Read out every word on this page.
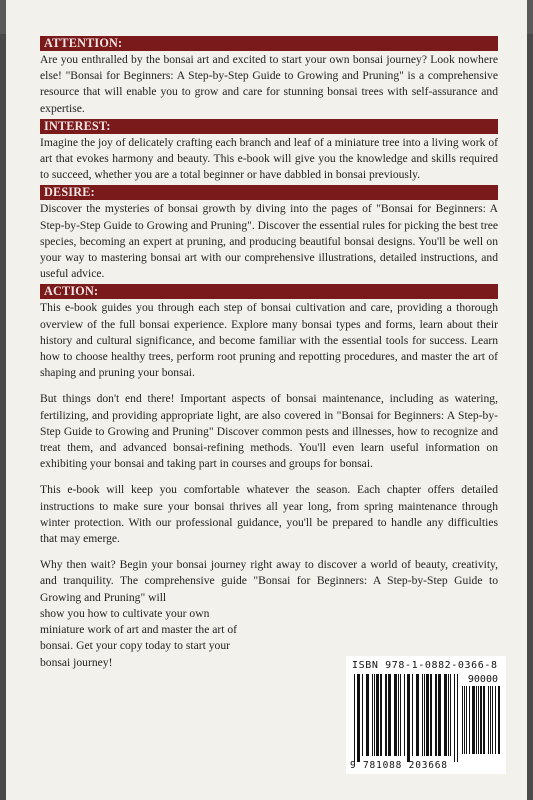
ATTENTION:

Are you enthralled by the bonsai art and excited to start your own bonsai journey? Look nowhere else! "Bonsai for Beginners: A Step-by-Step Guide to Growing and Pruning" is a comprehensive resource that will enable you to grow and care for stunning bonsai trees with self-assurance and expertise.

INTEREST:

Imagine the joy of delicately crafting each branch and leaf of a miniature tree into a living work of art that evokes harmony and beauty. This e-book will give you the knowledge and skills required to succeed, whether you are a total beginner or have dabbled in bonsai previously.

DESIRE:

Discover the mysteries of bonsai growth by diving into the pages of "Bonsai for Beginners: A Step-by-Step Guide to Growing and Pruning". Discover the essential rules for picking the best tree species, becoming an expert at pruning, and producing beautiful bonsai designs. You'll be well on your way to mastering bonsai art with our comprehensive illustrations, detailed instructions, and useful advice.

ACTION:

This e-book guides you through each step of bonsai cultivation and care, providing a thorough overview of the full bonsai experience. Explore many bonsai types and forms, learn about their history and cultural significance, and become familiar with the essential tools for success. Learn how to choose healthy trees, perform root pruning and repotting procedures, and master the art of shaping and pruning your bonsai.

But things don't end there! Important aspects of bonsai maintenance, including as watering, fertilizing, and providing appropriate light, are also covered in "Bonsai for Beginners: A Step-by-Step Guide to Growing and Pruning" Discover common pests and illnesses, how to recognize and treat them, and advanced bonsai-refining methods. You'll even learn useful information on exhibiting your bonsai and taking part in courses and groups for bonsai.

This e-book will keep you comfortable whatever the season. Each chapter offers detailed instructions to make sure your bonsai thrives all year long, from spring maintenance through winter protection. With our professional guidance, you'll be prepared to handle any difficulties that may emerge.

Why then wait? Begin your bonsai journey right away to discover a world of beauty, creativity, and tranquility. The comprehensive guide "Bonsai for Beginners: A Step-by-Step Guide to Growing and Pruning" will

show you how to cultivate your own miniature work of art and master the art of bonsai. Get your copy today to start your bonsai journey!	ISBN 978-1-0882-0366-8
90000
9 781088 203668
